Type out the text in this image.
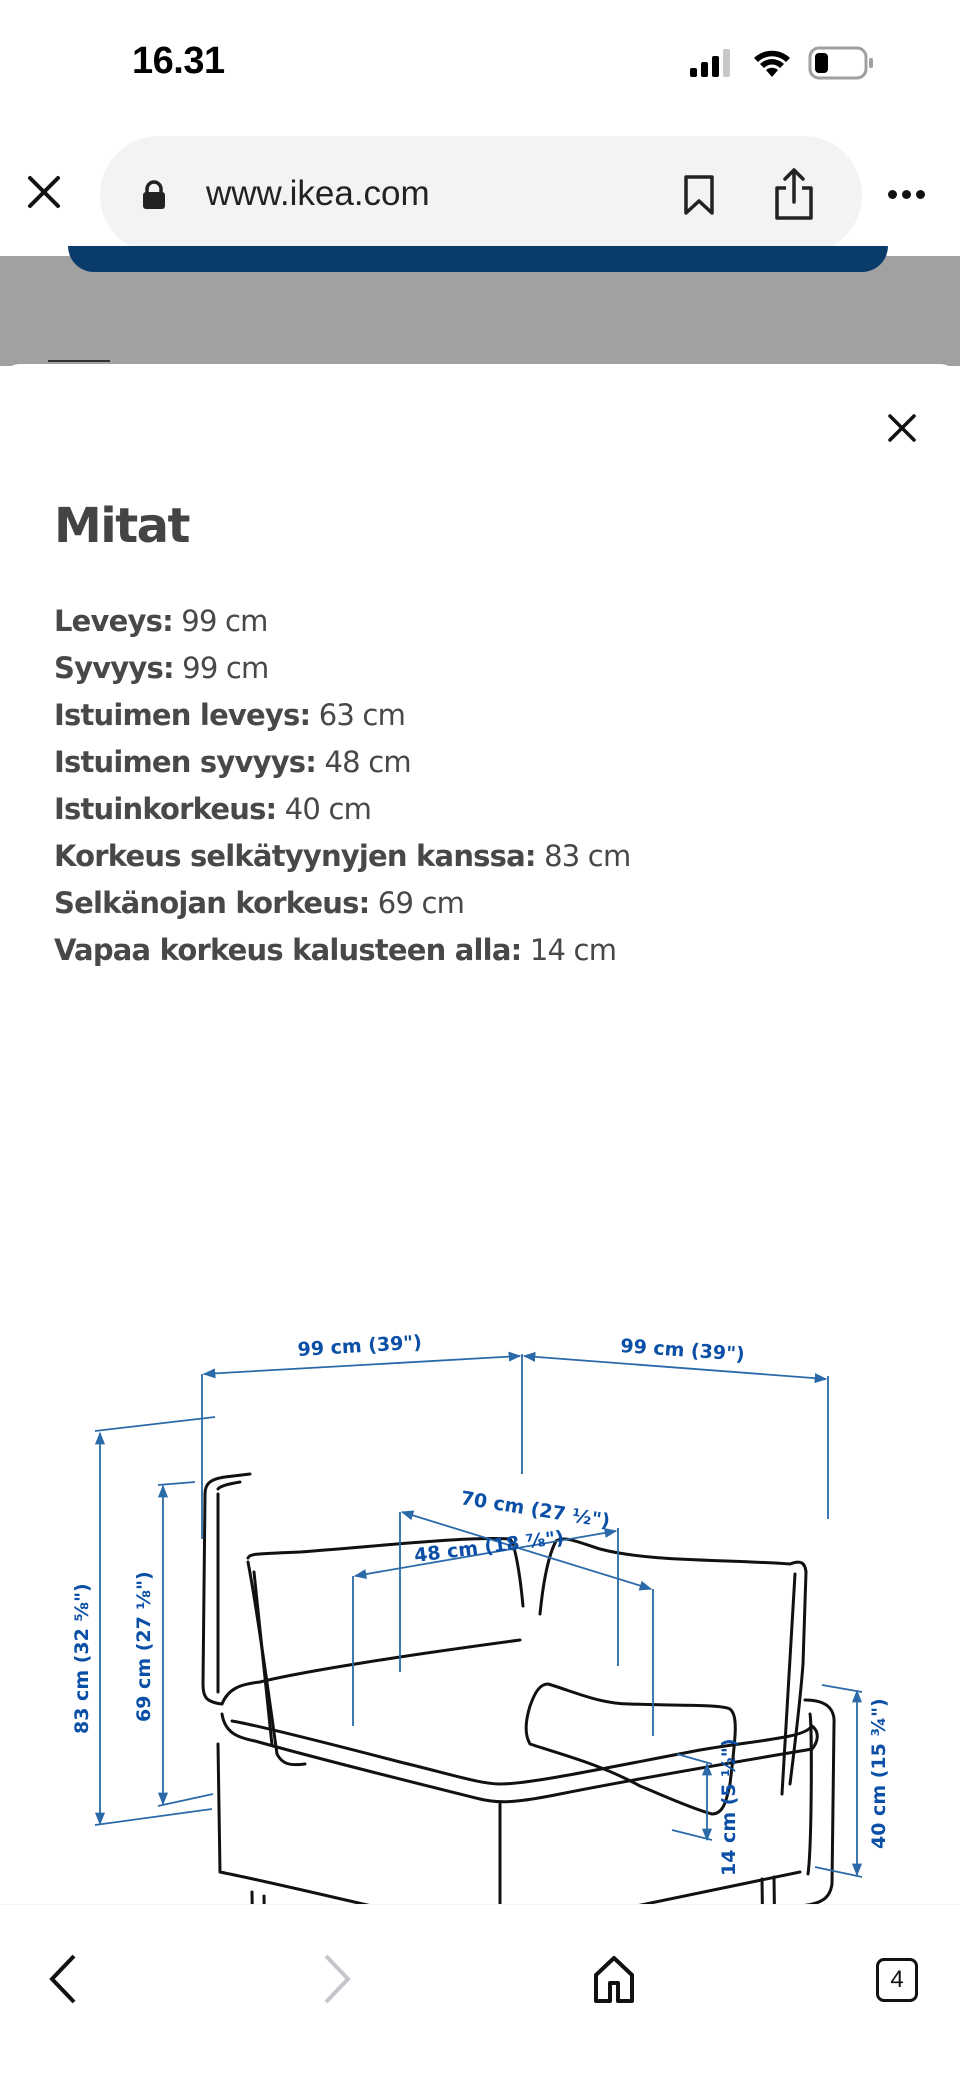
16.31
www.ikea.com
Mitat
Leveys: 99 cm
Syvyys: 99 cm
Istuimen leveys: 63 cm
Istuimen syvyys: 48 cm
Istuinkorkeus: 40 cm
Korkeus selkätyynyjen kanssa: 83 cm
Selkänojan korkeus: 69 cm
Vapaa korkeus kalusteen alla: 14 cm
99 cm (39")	99 cm (39")
70 cm (27 ½")
48 cm (18 ⅞")
83 cm (32 ⅝") 69 cm (27 ⅛")
40 cm (15 ¾")
14 cm (5 ½")
4
